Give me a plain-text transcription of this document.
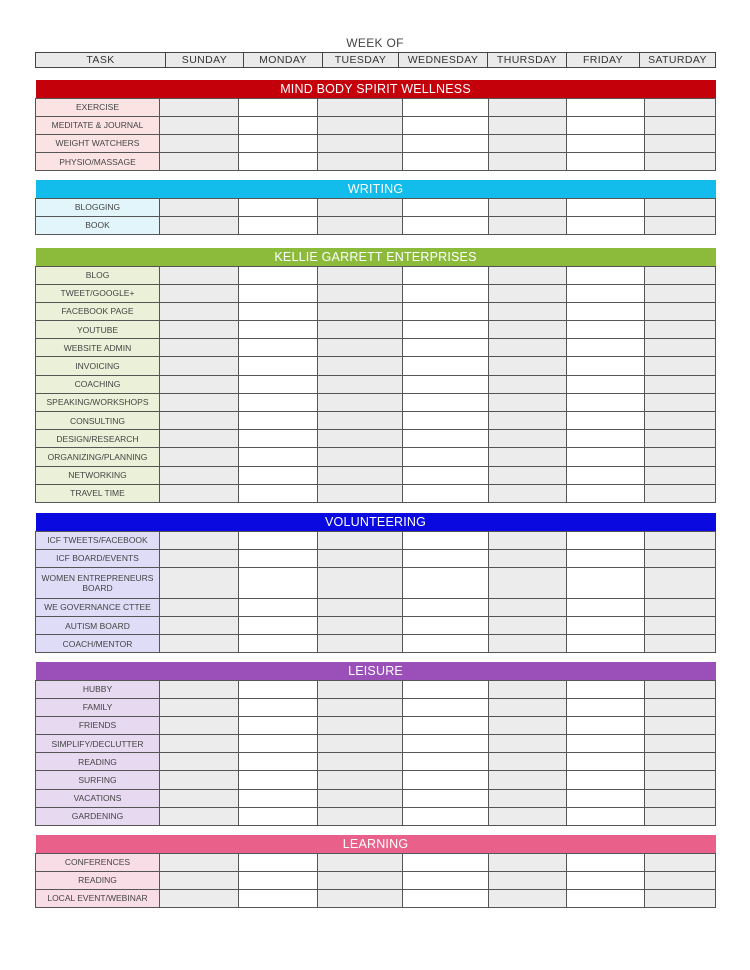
WEEK OF
TASK	SUNDAY	MONDAY	TUESDAY	WEDNESDAY	THURSDAY	FRIDAY	SATURDAY
MIND BODY SPIRIT WELLNESS							
EXERCISE							
MEDITATE & JOURNAL							
WEIGHT WATCHERS							
PHYSIO/MASSAGE							
WRITING							
BLOGGING							
BOOK							
KELLIE GARRETT ENTERPRISES							
BLOG							
TWEET/GOOGLE+							
FACEBOOK PAGE							
YOUTUBE							
WEBSITE ADMIN							
INVOICING							
COACHING							
SPEAKING/WORKSHOPS							
CONSULTING							
DESIGN/RESEARCH							
ORGANIZING/PLANNING							
NETWORKING							
TRAVEL TIME							
VOLUNTEERING							
ICF TWEETS/FACEBOOK							
ICF BOARD/EVENTS							
WOMEN ENTREPRENEURS BOARD							
WE GOVERNANCE CTTEE							
AUTISM BOARD							
COACH/MENTOR							
LEISURE							
HUBBY							
FAMILY							
FRIENDS							
SIMPLIFY/DECLUTTER							
READING							
SURFING							
VACATIONS							
GARDENING							
LEARNING							
CONFERENCES							
READING							
LOCAL EVENT/WEBINAR							
